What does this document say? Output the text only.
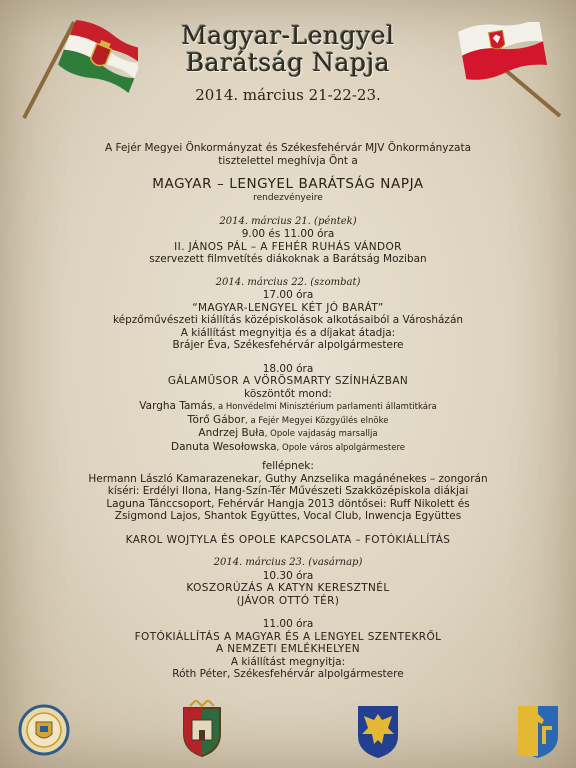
Magyar-Lengyel
Barátság Napja
2014. március 21-22-23.
A Fejér Megyei Önkormányzat és Székesfehérvár MJV Önkormányzata
tisztelettel meghívja Önt a
MAGYAR – LENGYEL BARÁTSÁG NAPJA
rendezvényeire
2014. március 21. (péntek)
9.00 és 11.00 óra
II. JÁNOS PÁL – A FEHÉR RUHÁS VÁNDOR
szervezett filmvetítés diákoknak a Barátság Moziban
2014. március 22. (szombat)
17.00 óra
“MAGYAR-LENGYEL KÉT JÓ BARÁT”
képzőművészeti kiállítás középiskolások alkotásaiból a Városházán
A kiállítást megnyitja és a díjakat átadja:
Brájer Éva, Székesfehérvár alpolgármestere
18.00 óra
GÁLAMŰSOR A VÖRÖSMARTY SZÍNHÁZBAN
köszöntőt mond:
Vargha Tamás, a Honvédelmi Minisztérium parlamenti államtitkára
Törő Gábor, a Fejér Megyei Közgyűlés elnöke
Andrzej Buła, Opole vajdaság marsallja
Danuta Wesołowska, Opole város alpolgármestere
fellépnek:
Hermann László Kamarazenekar, Guthy Anzselika magánénekes – zongorán
kíséri: Erdélyi Ilona, Hang-Szín-Tér Művészeti Szakközépiskola diákjai
Laguna Tánccsoport, Fehérvár Hangja 2013 döntősei: Ruff Nikolett és
Zsigmond Lajos, Shantok Együttes, Vocal Club, Inwencja Együttes
KAROL WOJTYLA ÉS OPOLE KAPCSOLATA – FOTÓKIÁLLÍTÁS
2014. március 23. (vasárnap)
10.30 óra
KOSZORÚZÁS A KATYN KERESZTNÉL
(JÁVOR OTTÓ TÉR)
11.00 óra
FOTÓKIÁLLÍTÁS A MAGYAR ÉS A LENGYEL SZENTEKRŐL
A NEMZETI EMLÉKHELYEN
A kiállítást megnyitja:
Róth Péter, Székesfehérvár alpolgármestere
